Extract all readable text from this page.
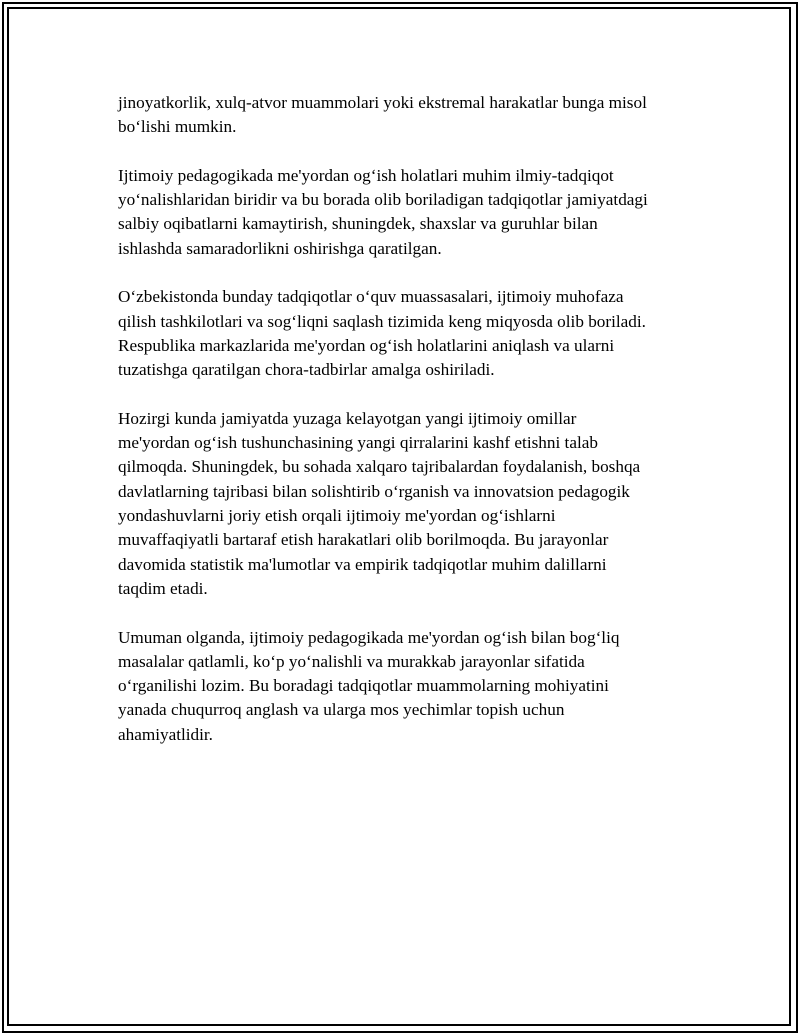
jinoyatkorlik, xulq-atvor muammolari yoki ekstremal harakatlar bunga misol
bo‘lishi mumkin.

Ijtimoiy pedagogikada me'yordan og‘ish holatlari muhim ilmiy-tadqiqot
yo‘nalishlaridan biridir va bu borada olib boriladigan tadqiqotlar jamiyatdagi
salbiy oqibatlarni kamaytirish, shuningdek, shaxslar va guruhlar bilan
ishlashda samaradorlikni oshirishga qaratilgan.

O‘zbekistonda bunday tadqiqotlar o‘quv muassasalari, ijtimoiy muhofaza
qilish tashkilotlari va sog‘liqni saqlash tizimida keng miqyosda olib boriladi.
Respublika markazlarida me'yordan og‘ish holatlarini aniqlash va ularni
tuzatishga qaratilgan chora-tadbirlar amalga oshiriladi.

Hozirgi kunda jamiyatda yuzaga kelayotgan yangi ijtimoiy omillar
me'yordan og‘ish tushunchasining yangi qirralarini kashf etishni talab
qilmoqda. Shuningdek, bu sohada xalqaro tajribalardan foydalanish, boshqa
davlatlarning tajribasi bilan solishtirib o‘rganish va innovatsion pedagogik
yondashuvlarni joriy etish orqali ijtimoiy me'yordan og‘ishlarni
muvaffaqiyatli bartaraf etish harakatlari olib borilmoqda. Bu jarayonlar
davomida statistik ma'lumotlar va empirik tadqiqotlar muhim dalillarni
taqdim etadi.

Umuman olganda, ijtimoiy pedagogikada me'yordan og‘ish bilan bog‘liq
masalalar qatlamli, ko‘p yo‘nalishli va murakkab jarayonlar sifatida
o‘rganilishi lozim. Bu boradagi tadqiqotlar muammolarning mohiyatini
yanada chuqurroq anglash va ularga mos yechimlar topish uchun
ahamiyatlidir.
